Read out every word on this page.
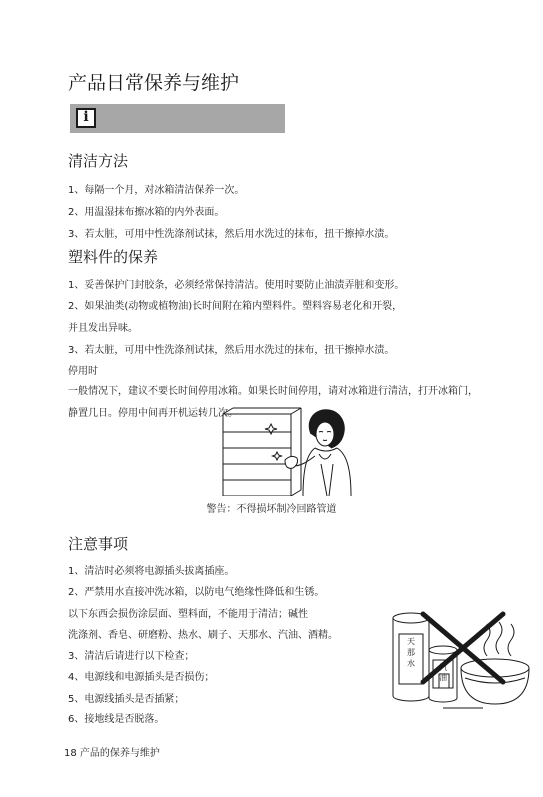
产品日常保养与维护
i
清洁方法
1、每隔一个月，对冰箱清洁保养一次。
2、用温湿抹布擦冰箱的内外表面。
3、若太脏，可用中性洗涤剂试抹，然后用水洗过的抹布，扭干擦掉水渍。
塑料件的保养
1、妥善保护门封胶条，必须经常保持清洁。使用时要防止油渍弄脏和变形。
2、如果油类(动物或植物油)长时间附在箱内塑料件。塑料容易老化和开裂，
并且发出异味。
3、若太脏，可用中性洗涤剂试抹，然后用水洗过的抹布，扭干擦掉水渍。
停用时
一般情况下，建议不要长时间停用冰箱。如果长时间停用，请对冰箱进行清洁，打开冰箱门，
静置几日。停用中间再开机运转几次。
警告：不得损坏制冷回路管道
注意事项
1、清洁时必须将电源插头拔离插座。
2、严禁用水直接冲洗冰箱，以防电气绝缘性降低和生锈。
以下东西会损伤涂层面、塑料面，不能用于清洁；碱性
洗涤剂、香皂、研磨粉、热水、刷子、天那水、汽油、酒精。
3、清洁后请进行以下检查；
4、电源线和电源插头是否损伤；
5、电源线插头是否插紧；
6、接地线是否脱落。
天那水	汽油
18 产品的保养与维护
